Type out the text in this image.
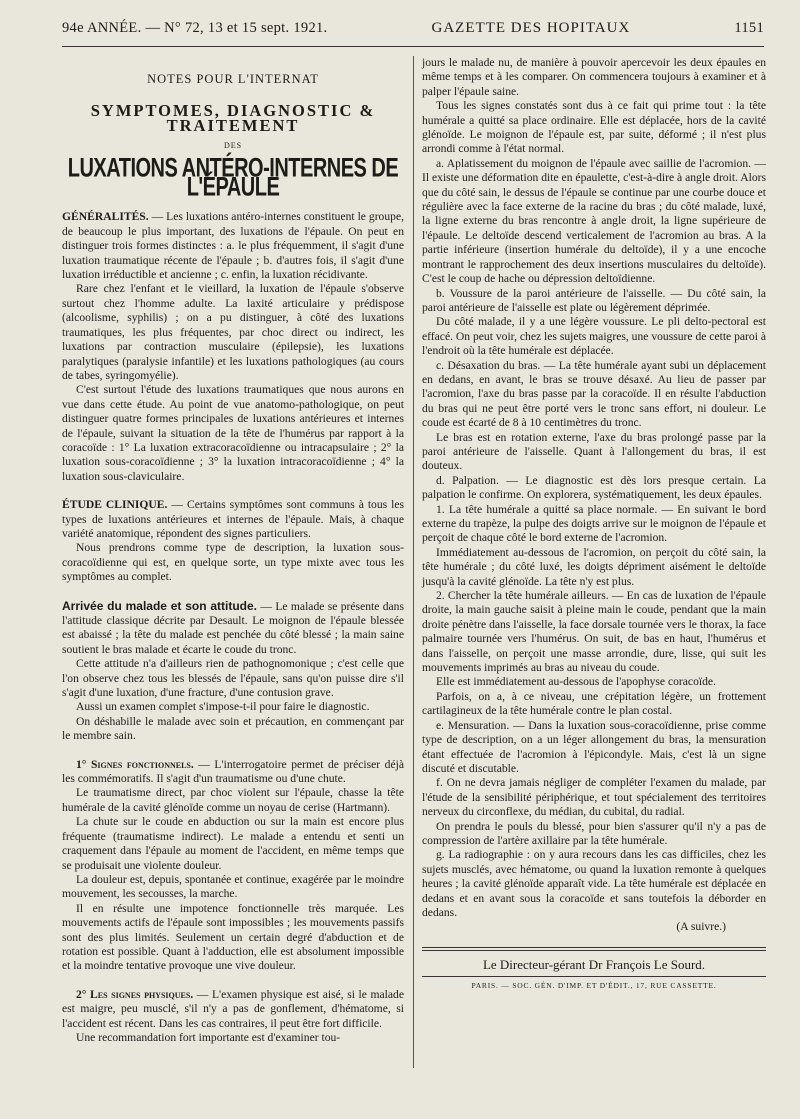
94e ANNÉE. — N° 72, 13 et 15 sept. 1921.	GAZETTE DES HOPITAUX	1151
NOTES POUR L'INTERNAT
SYMPTOMES, DIAGNOSTIC & TRAITEMENT
DES
LUXATIONS ANTÉRO-INTERNES DE L'ÉPAULE

GÉNÉRALITÉS. — Les luxations antéro-internes constituent le groupe, de beaucoup le plus important, des luxations de l'épaule. On peut en distinguer trois formes distinctes : a. le plus fréquemment, il s'agit d'une luxation traumatique récente de l'épaule ; b. d'autres fois, il s'agit d'une luxation irréductible et ancienne ; c. enfin, la luxation récidivante.

Rare chez l'enfant et le vieillard, la luxation de l'épaule s'observe surtout chez l'homme adulte. La laxité articulaire y prédispose (alcoolisme, syphilis) ; on a pu distinguer, à côté des luxations traumatiques, les plus fréquentes, par choc direct ou indirect, les luxations par contraction musculaire (épilepsie), les luxations paralytiques (paralysie infantile) et les luxations pathologiques (au cours de tabes, syringomyélie).

C'est surtout l'étude des luxations traumatiques que nous aurons en vue dans cette étude. Au point de vue anatomo-pathologique, on peut distinguer quatre formes principales de luxations antérieures et internes de l'épaule, suivant la situation de la tête de l'humérus par rapport à la coracoïde : 1° La luxation extracoracoïdienne ou intracapsulaire ; 2° la luxation sous-coracoïdienne ; 3° la luxation intracoracoïdienne ; 4° la luxation sous-claviculaire.

ÉTUDE CLINIQUE. — Certains symptômes sont communs à tous les types de luxations antérieures et internes de l'épaule. Mais, à chaque variété anatomique, répondent des signes particuliers.

Nous prendrons comme type de description, la luxation sous-coracoïdienne qui est, en quelque sorte, un type mixte avec tous les symptômes au complet.

Arrivée du malade et son attitude. — Le malade se présente dans l'attitude classique décrite par Desault. Le moignon de l'épaule blessée est abaissé ; la tête du malade est penchée du côté blessé ; la main saine soutient le bras malade et écarte le coude du tronc.

Cette attitude n'a d'ailleurs rien de pathognomonique ; c'est celle que l'on observe chez tous les blessés de l'épaule, sans qu'on puisse dire s'il s'agit d'une luxation, d'une fracture, d'une contusion grave.

Aussi un examen complet s'impose-t-il pour faire le diagnostic.

On déshabille le malade avec soin et précaution, en commençant par le membre sain.

1° Signes fonctionnels. — L'interrogatoire permet de préciser déjà les commémoratifs. Il s'agit d'un traumatisme ou d'une chute.

Le traumatisme direct, par choc violent sur l'épaule, chasse la tête humérale de la cavité glénoïde comme un noyau de cerise (Hartmann).

La chute sur le coude en abduction ou sur la main est encore plus fréquente (traumatisme indirect). Le malade a entendu et senti un craquement dans l'épaule au moment de l'accident, en même temps que se produisait une violente douleur.

La douleur est, depuis, spontanée et continue, exagérée par le moindre mouvement, les secousses, la marche.

Il en résulte une impotence fonctionnelle très marquée. Les mouvements actifs de l'épaule sont impossibles ; les mouvements passifs sont des plus limités. Seulement un certain degré d'abduction et de rotation est possible. Quant à l'adduction, elle est absolument impossible et la moindre tentative provoque une vive douleur.

2° Les signes physiques. — L'examen physique est aisé, si le malade est maigre, peu musclé, s'il n'y a pas de gonflement, d'hématome, si l'accident est récent. Dans les cas contraires, il peut être fort difficile.

Une recommandation fort importante est d'examiner tou-

jours le malade nu, de manière à pouvoir apercevoir les deux épaules en même temps et à les comparer. On commencera toujours à examiner et à palper l'épaule saine.

Tous les signes constatés sont dus à ce fait qui prime tout : la tête humérale a quitté sa place ordinaire. Elle est déplacée, hors de la cavité glénoïde. Le moignon de l'épaule est, par suite, déformé ; il n'est plus arrondi comme à l'état normal.

a. Aplatissement du moignon de l'épaule avec saillie de l'acromion. — Il existe une déformation dite en épaulette, c'est-à-dire à angle droit. Alors que du côté sain, le dessus de l'épaule se continue par une courbe douce et régulière avec la face externe de la racine du bras ; du côté malade, luxé, la ligne externe du bras rencontre à angle droit, la ligne supérieure de l'épaule. Le deltoïde descend verticalement de l'acromion au bras. A la partie inférieure (insertion humérale du deltoïde), il y a une encoche montrant le rapprochement des deux insertions musculaires du deltoïde). C'est le coup de hache ou dépression deltoïdienne.

b. Voussure de la paroi antérieure de l'aisselle. — Du côté sain, la paroi antérieure de l'aisselle est plate ou légèrement déprimée.

Du côté malade, il y a une légère voussure. Le pli delto-pectoral est effacé. On peut voir, chez les sujets maigres, une voussure de cette paroi à l'endroit où la tête humérale est déplacée.

c. Désaxation du bras. — La tête humérale ayant subi un déplacement en dedans, en avant, le bras se trouve désaxé. Au lieu de passer par l'acromion, l'axe du bras passe par la coracoïde. Il en résulte l'abduction du bras qui ne peut être porté vers le tronc sans effort, ni douleur. Le coude est écarté de 8 à 10 centimètres du tronc.

Le bras est en rotation externe, l'axe du bras prolongé passe par la paroi antérieure de l'aisselle. Quant à l'allongement du bras, il est douteux.

d. Palpation. — Le diagnostic est dès lors presque certain. La palpation le confirme. On explorera, systématiquement, les deux épaules.

1. La tête humérale a quitté sa place normale. — En suivant le bord externe du trapèze, la pulpe des doigts arrive sur le moignon de l'épaule et perçoit de chaque côté le bord externe de l'acromion.

Immédiatement au-dessous de l'acromion, on perçoit du côté sain, la tête humérale ; du côté luxé, les doigts dépriment aisément le deltoïde jusqu'à la cavité glénoïde. La tête n'y est plus.

2. Chercher la tête humérale ailleurs. — En cas de luxation de l'épaule droite, la main gauche saisit à pleine main le coude, pendant que la main droite pénètre dans l'aisselle, la face dorsale tournée vers le thorax, la face palmaire tournée vers l'humérus. On suit, de bas en haut, l'humérus et dans l'aisselle, on perçoit une masse arrondie, dure, lisse, qui suit les mouvements imprimés au bras au niveau du coude.

Elle est immédiatement au-dessous de l'apophyse coracoïde.

Parfois, on a, à ce niveau, une crépitation légère, un frottement cartilagineux de la tête humérale contre le plan costal.

e. Mensuration. — Dans la luxation sous-coracoïdienne, prise comme type de description, on a un léger allongement du bras, la mensuration étant effectuée de l'acromion à l'épicondyle. Mais, c'est là un signe discuté et discutable.

f. On ne devra jamais négliger de compléter l'examen du malade, par l'étude de la sensibilité périphérique, et tout spécialement des territoires nerveux du circonflexe, du médian, du cubital, du radial.

On prendra le pouls du blessé, pour bien s'assurer qu'il n'y a pas de compression de l'artère axillaire par la tête humérale.

g. La radiographie : on y aura recours dans les cas difficiles, chez les sujets musclés, avec hématome, ou quand la luxation remonte à quelques heures ; la cavité glénoïde apparaît vide. La tête humérale est déplacée en dedans et en avant sous la coracoïde et sans toutefois la déborder en dedans.

(A suivre.)

Le Directeur-gérant Dr François Le Sourd.
PARIS. — SOC. GÉN. D'IMP. ET D'ÉDIT., 17, RUE CASSETTE.
